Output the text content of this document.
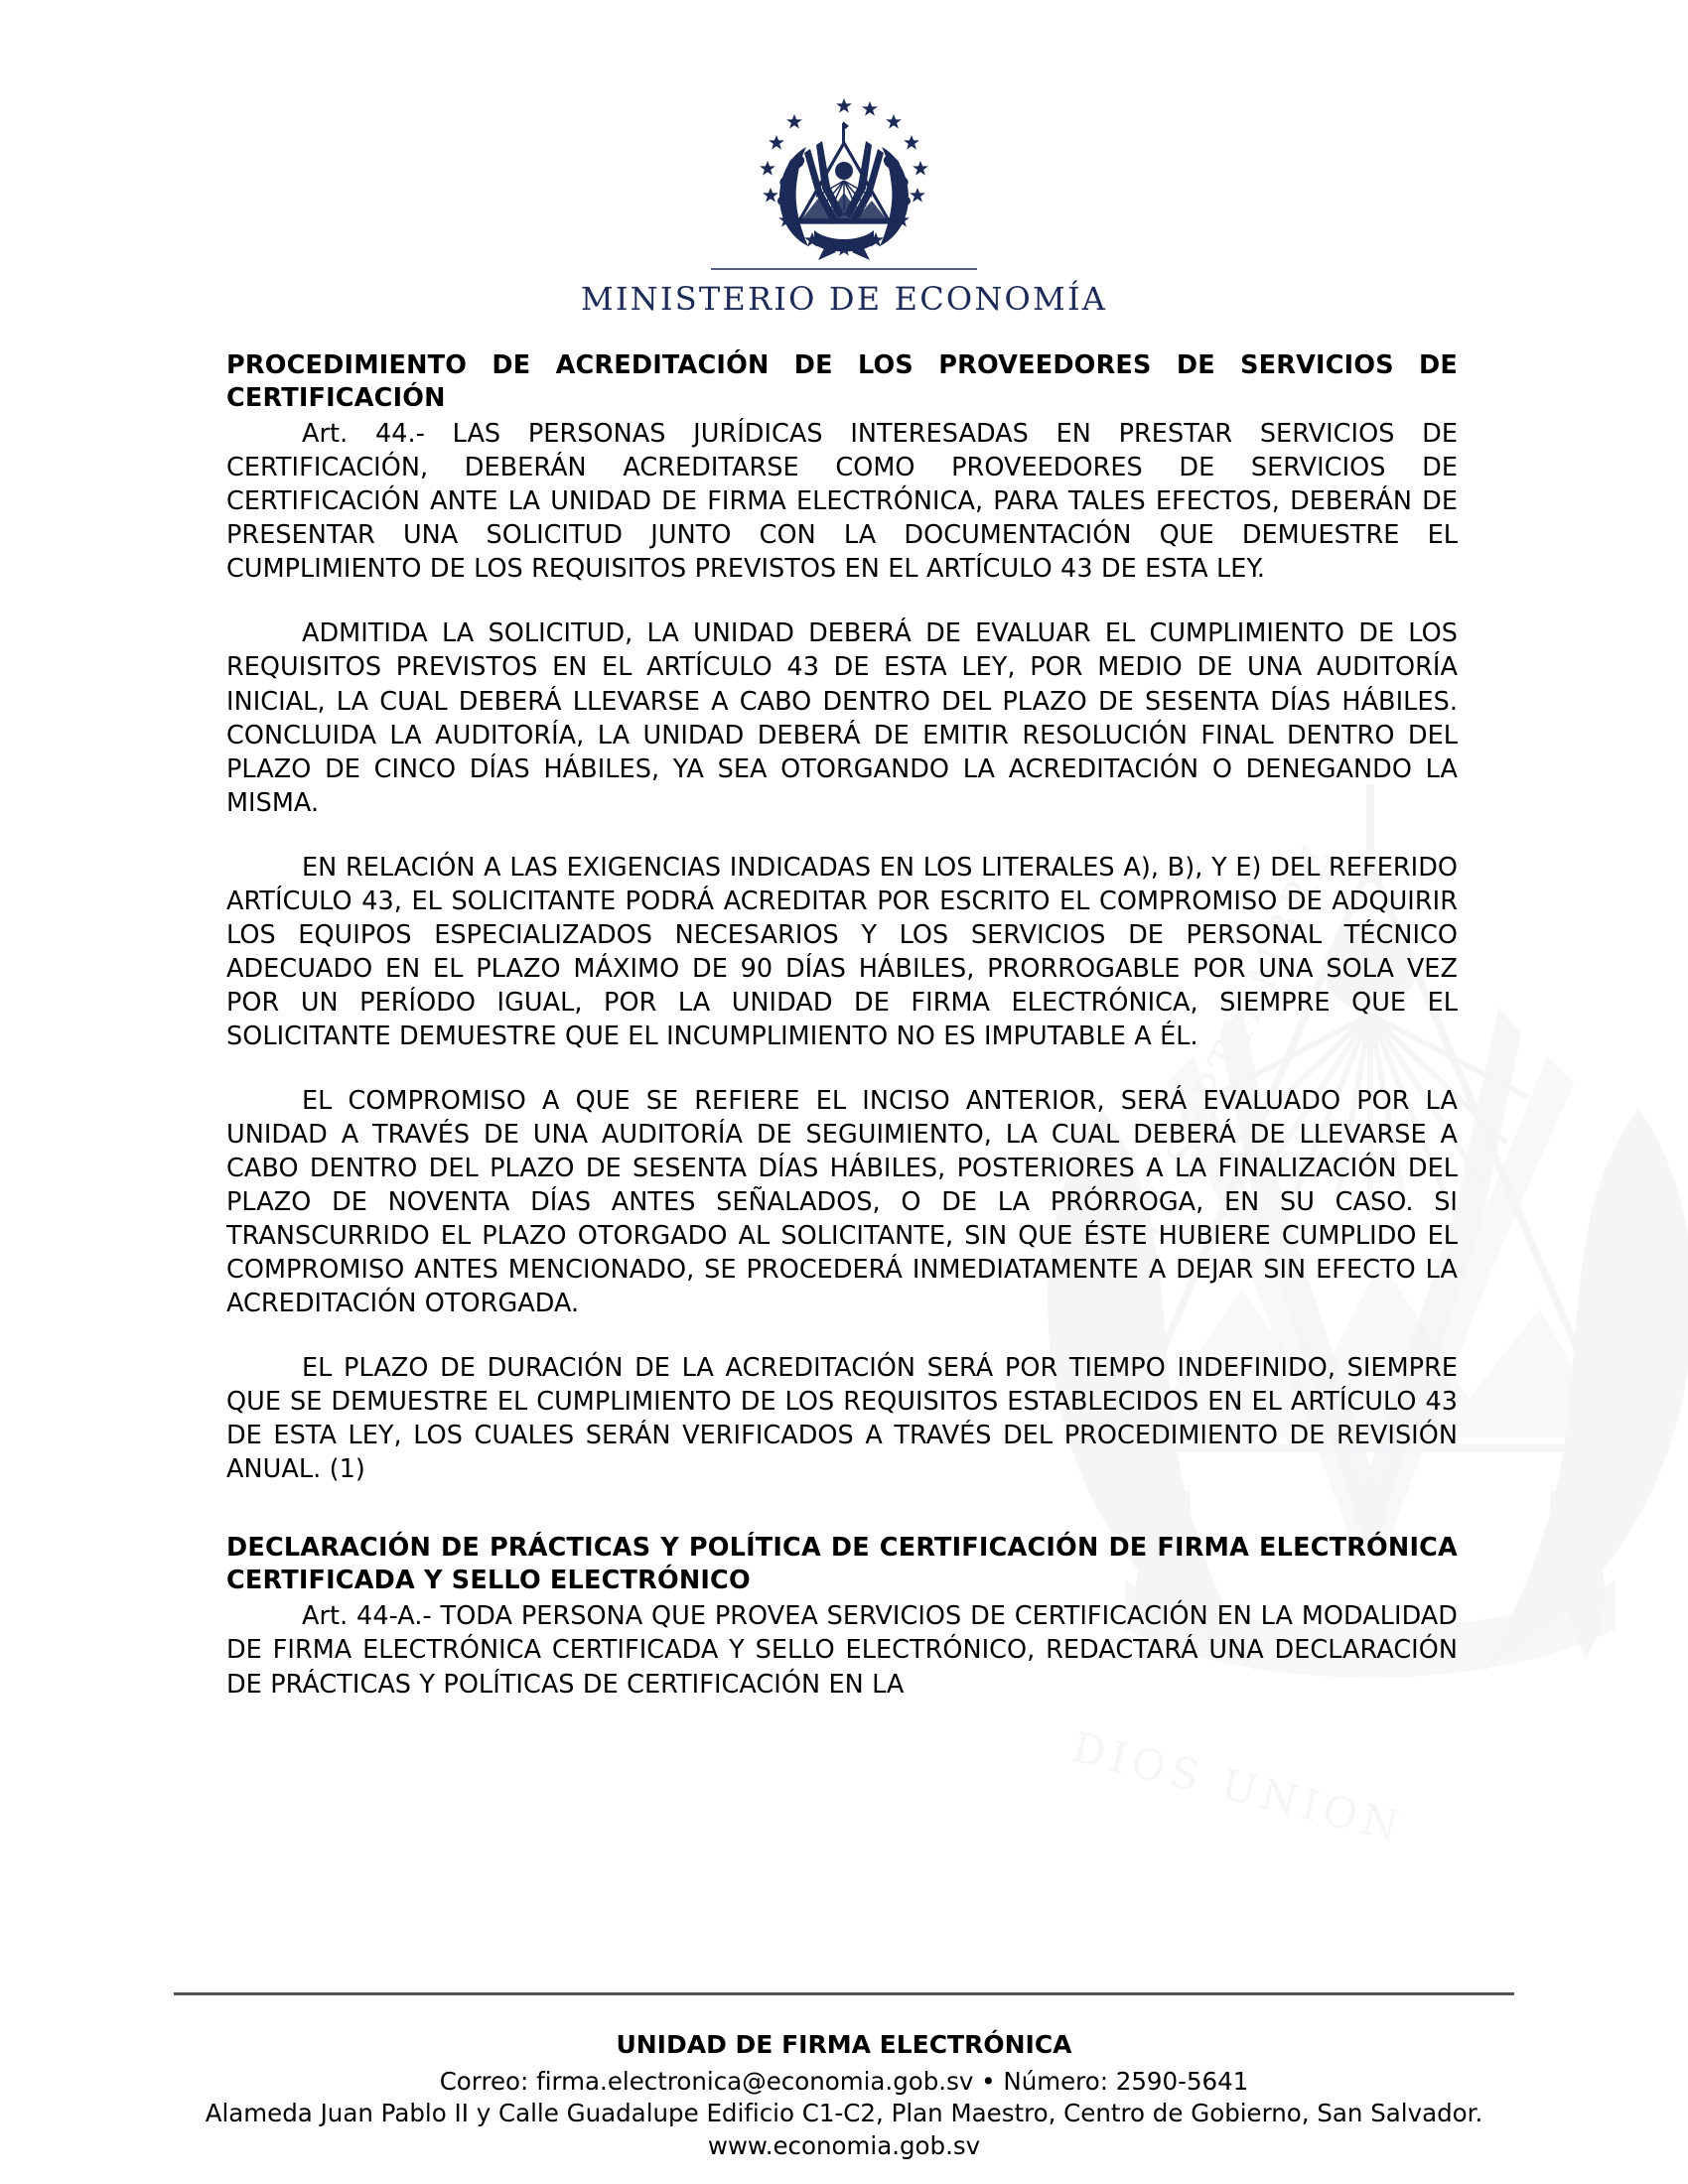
MINISTERIO DE ECONOMÍA
PROCEDIMIENTO DE ACREDITACIÓN DE LOS PROVEEDORES DE SERVICIOS DE CERTIFICACIÓN

Art. 44.- LAS PERSONAS JURÍDICAS INTERESADAS EN PRESTAR SERVICIOS DE CERTIFICACIÓN, DEBERÁN ACREDITARSE COMO PROVEEDORES DE SERVICIOS DE CERTIFICACIÓN ANTE LA UNIDAD DE FIRMA ELECTRÓNICA, PARA TALES EFECTOS, DEBERÁN DE PRESENTAR UNA SOLICITUD JUNTO CON LA DOCUMENTACIÓN QUE DEMUESTRE EL CUMPLIMIENTO DE LOS REQUISITOS PREVISTOS EN EL ARTÍCULO 43 DE ESTA LEY.

ADMITIDA LA SOLICITUD, LA UNIDAD DEBERÁ DE EVALUAR EL CUMPLIMIENTO DE LOS REQUISITOS PREVISTOS EN EL ARTÍCULO 43 DE ESTA LEY, POR MEDIO DE UNA AUDITORÍA INICIAL, LA CUAL DEBERÁ LLEVARSE A CABO DENTRO DEL PLAZO DE SESENTA DÍAS HÁBILES. CONCLUIDA LA AUDITORÍA, LA UNIDAD DEBERÁ DE EMITIR RESOLUCIÓN FINAL DENTRO DEL PLAZO DE CINCO DÍAS HÁBILES, YA SEA OTORGANDO LA ACREDITACIÓN O DENEGANDO LA MISMA.

EN RELACIÓN A LAS EXIGENCIAS INDICADAS EN LOS LITERALES A), B), Y E) DEL REFERIDO ARTÍCULO 43, EL SOLICITANTE PODRÁ ACREDITAR POR ESCRITO EL COMPROMISO DE ADQUIRIR LOS EQUIPOS ESPECIALIZADOS NECESARIOS Y LOS SERVICIOS DE PERSONAL TÉCNICO ADECUADO EN EL PLAZO MÁXIMO DE 90 DÍAS HÁBILES, PRORROGABLE POR UNA SOLA VEZ POR UN PERÍODO IGUAL, POR LA UNIDAD DE FIRMA ELECTRÓNICA, SIEMPRE QUE EL SOLICITANTE DEMUESTRE QUE EL INCUMPLIMIENTO NO ES IMPUTABLE A ÉL.

EL COMPROMISO A QUE SE REFIERE EL INCISO ANTERIOR, SERÁ EVALUADO POR LA UNIDAD A TRAVÉS DE UNA AUDITORÍA DE SEGUIMIENTO, LA CUAL DEBERÁ DE LLEVARSE A CABO DENTRO DEL PLAZO DE SESENTA DÍAS HÁBILES, POSTERIORES A LA FINALIZACIÓN DEL PLAZO DE NOVENTA DÍAS ANTES SEÑALADOS, O DE LA PRÓRROGA, EN SU CASO. SI TRANSCURRIDO EL PLAZO OTORGADO AL SOLICITANTE, SIN QUE ÉSTE HUBIERE CUMPLIDO EL COMPROMISO ANTES MENCIONADO, SE PROCEDERÁ INMEDIATAMENTE A DEJAR SIN EFECTO LA ACREDITACIÓN OTORGADA.

EL PLAZO DE DURACIÓN DE LA ACREDITACIÓN SERÁ POR TIEMPO INDEFINIDO, SIEMPRE QUE SE DEMUESTRE EL CUMPLIMIENTO DE LOS REQUISITOS ESTABLECIDOS EN EL ARTÍCULO 43 DE ESTA LEY, LOS CUALES SERÁN VERIFICADOS A TRAVÉS DEL PROCEDIMIENTO DE REVISIÓN ANUAL. (1)

DECLARACIÓN DE PRÁCTICAS Y POLÍTICA DE CERTIFICACIÓN DE FIRMA ELECTRÓNICA CERTIFICADA Y SELLO ELECTRÓNICO

Art. 44-A.- TODA PERSONA QUE PROVEA SERVICIOS DE CERTIFICACIÓN EN LA MODALIDAD DE FIRMA ELECTRÓNICA CERTIFICADA Y SELLO ELECTRÓNICO, REDACTARÁ UNA DECLARACIÓN DE PRÁCTICAS Y POLÍTICAS DE CERTIFICACIÓN EN LA

UNIDAD DE FIRMA ELECTRÓNICA
Correo: firma.electronica@economia.gob.sv • Número: 2590-5641
Alameda Juan Pablo II y Calle Guadalupe Edificio C1-C2, Plan Maestro, Centro de Gobierno, San Salvador.
www.economia.gob.sv
